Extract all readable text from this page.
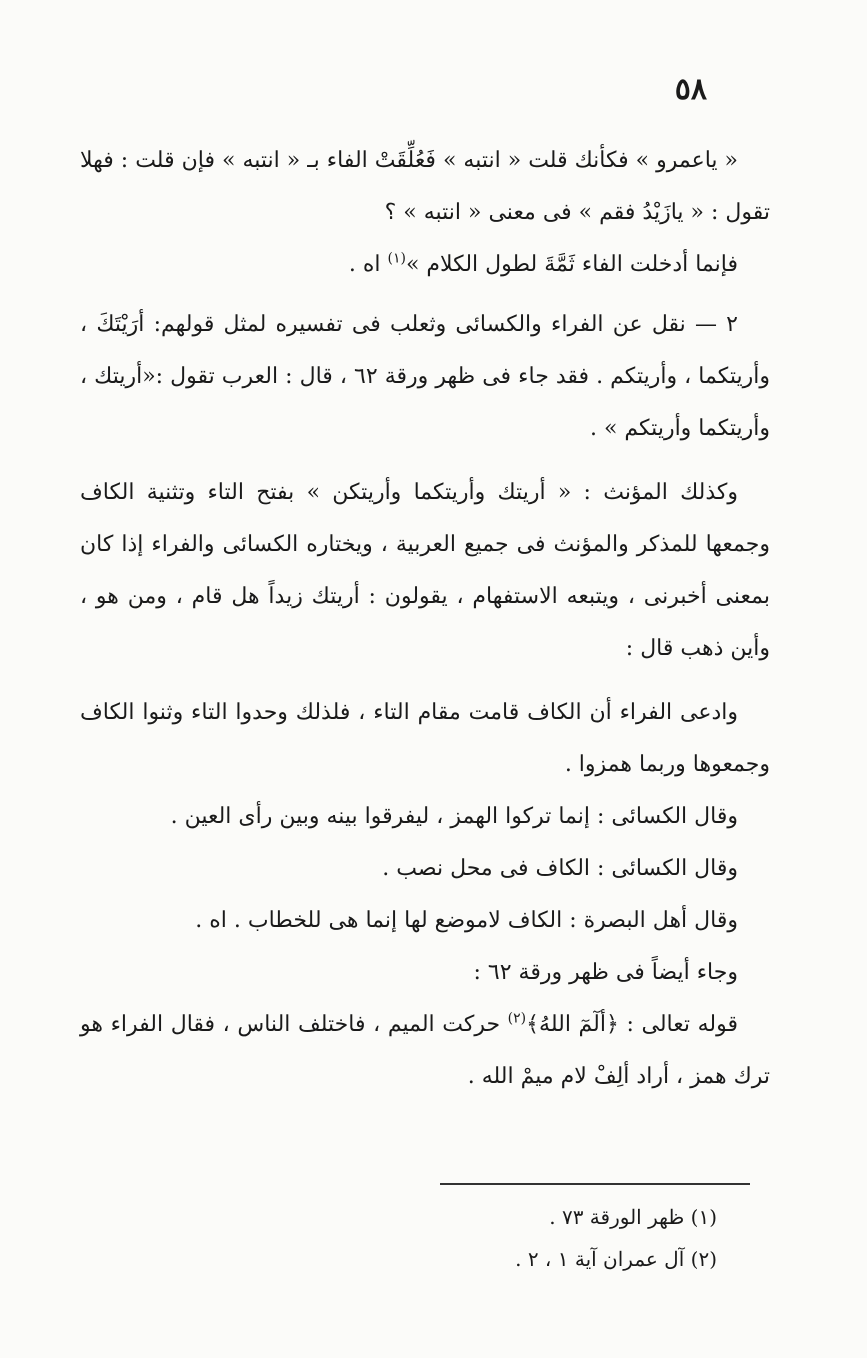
٥٨

« ياعمرو » فكأنك قلت « انتبه » فَعُلِّقَتْ الفاء بـ « انتبه » فإن قلت : فهلا تقول : « يازَيْدُ فقم » فى معنى « انتبه » ؟

فإنما أدخلت الفاء ثَمَّةَ لطول الكلام »$^{(١)}$ اه .

٢ — نقل عن الفراء والكسائى وثعلب فى تفسيره لمثل قولهم: أرَيْتَكَ ، وأريتكما ، وأريتكم . فقد جاء فى ظهر ورقة ٦٢ ، قال : العرب تقول :«أريتك ، وأريتكما وأريتكم » .

وكذلك المؤنث : « أريتك وأريتكما وأريتكن » بفتح التاء وتثنية الكاف وجمعها للمذكر والمؤنث فى جميع العربية ، ويختاره الكسائى والفراء إذا كان بمعنى أخبرنى ، ويتبعه الاستفهام ، يقولون : أريتك زيداً هل قام ، ومن هو ، وأين ذهب قال :

وادعى الفراء أن الكاف قامت مقام التاء ، فلذلك وحدوا التاء وثنوا الكاف وجمعوها وربما همزوا .

وقال الكسائى : إنما تركوا الهمز ، ليفرقوا بينه وبين رأى العين .

وقال الكسائى : الكاف فى محل نصب .

وقال أهل البصرة : الكاف لاموضع لها إنما هى للخطاب . اه .

وجاء أيضاً فى ظهر ورقة ٦٢ :

قوله تعالى : ﴿ألٓمٓ اللهُ﴾$^{(٢)}$ حركت الميم ، فاختلف الناس ، فقال الفراء هو ترك همز ، أراد ألِفْ لام ميمْ الله .

(١) ظهر الورقة ٧٣ .

(٢) آل عمران آية ١ ، ٢ .
